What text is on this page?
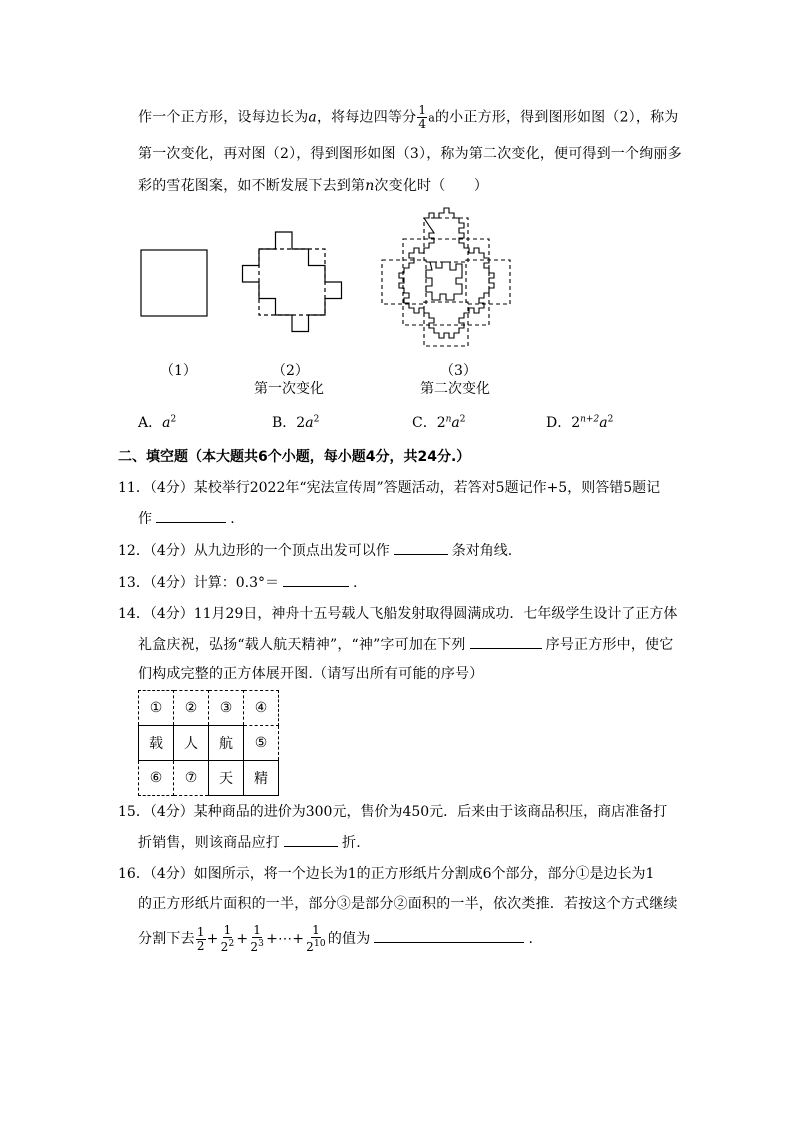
作一个正方形，设每边长为a，将每边四等分 $\frac{1}{4}$ a的小正方形，得到图形如图（2），称为
第一次变化，再对图（2），得到图形如图（3），称为第二次变化，便可得到一个绚丽多
彩的雪花图案，如不断发展下去到第n次变化时（　　）
（1）	（2）
第一次变化
（3）
第二次变化
A．$a^2$	B．$2a^2$	C．$2^na^2$	D．$2^{n+2}a^2$
二、填空题（本大题共6个小题，每小题4分，共24分.）
11．（4分）某校举行2022年“宪法宣传周”答题活动，若答对5题记作+5，则答错5题记
作	.
12．（4分）从九边形的一个顶点出发可以作	条对角线.
13．（4分）计算：0.3°＝	.
14．（4分）11月29日，神舟十五号载人飞船发射取得圆满成功．七年级学生设计了正方体
礼盒庆祝，弘扬“载人航天精神”，“神”字可加在下列	序号正方形中，使它
们构成完整的正方体展开图.（请写出所有可能的序号）
①	②	③	④
载	人	航	⑤
⑥	⑦	天	精
15．（4分）某种商品的进价为300元，售价为450元．后来由于该商品积压，商店准备打
折销售，则该商品应打	折.
16．（4分）如图所示，将一个边长为1的正方形纸片分割成6个部分，部分①是边长为1
的正方形纸片面积的一半，部分③是部分②面积的一半，依次类推．若按这个方式继续
分割下去 $\frac{1}{2} + \frac{1}{2^2} + \frac{1}{2^3}$ +⋯+ $\frac{1}{2^{10}}$ 的值为	.
